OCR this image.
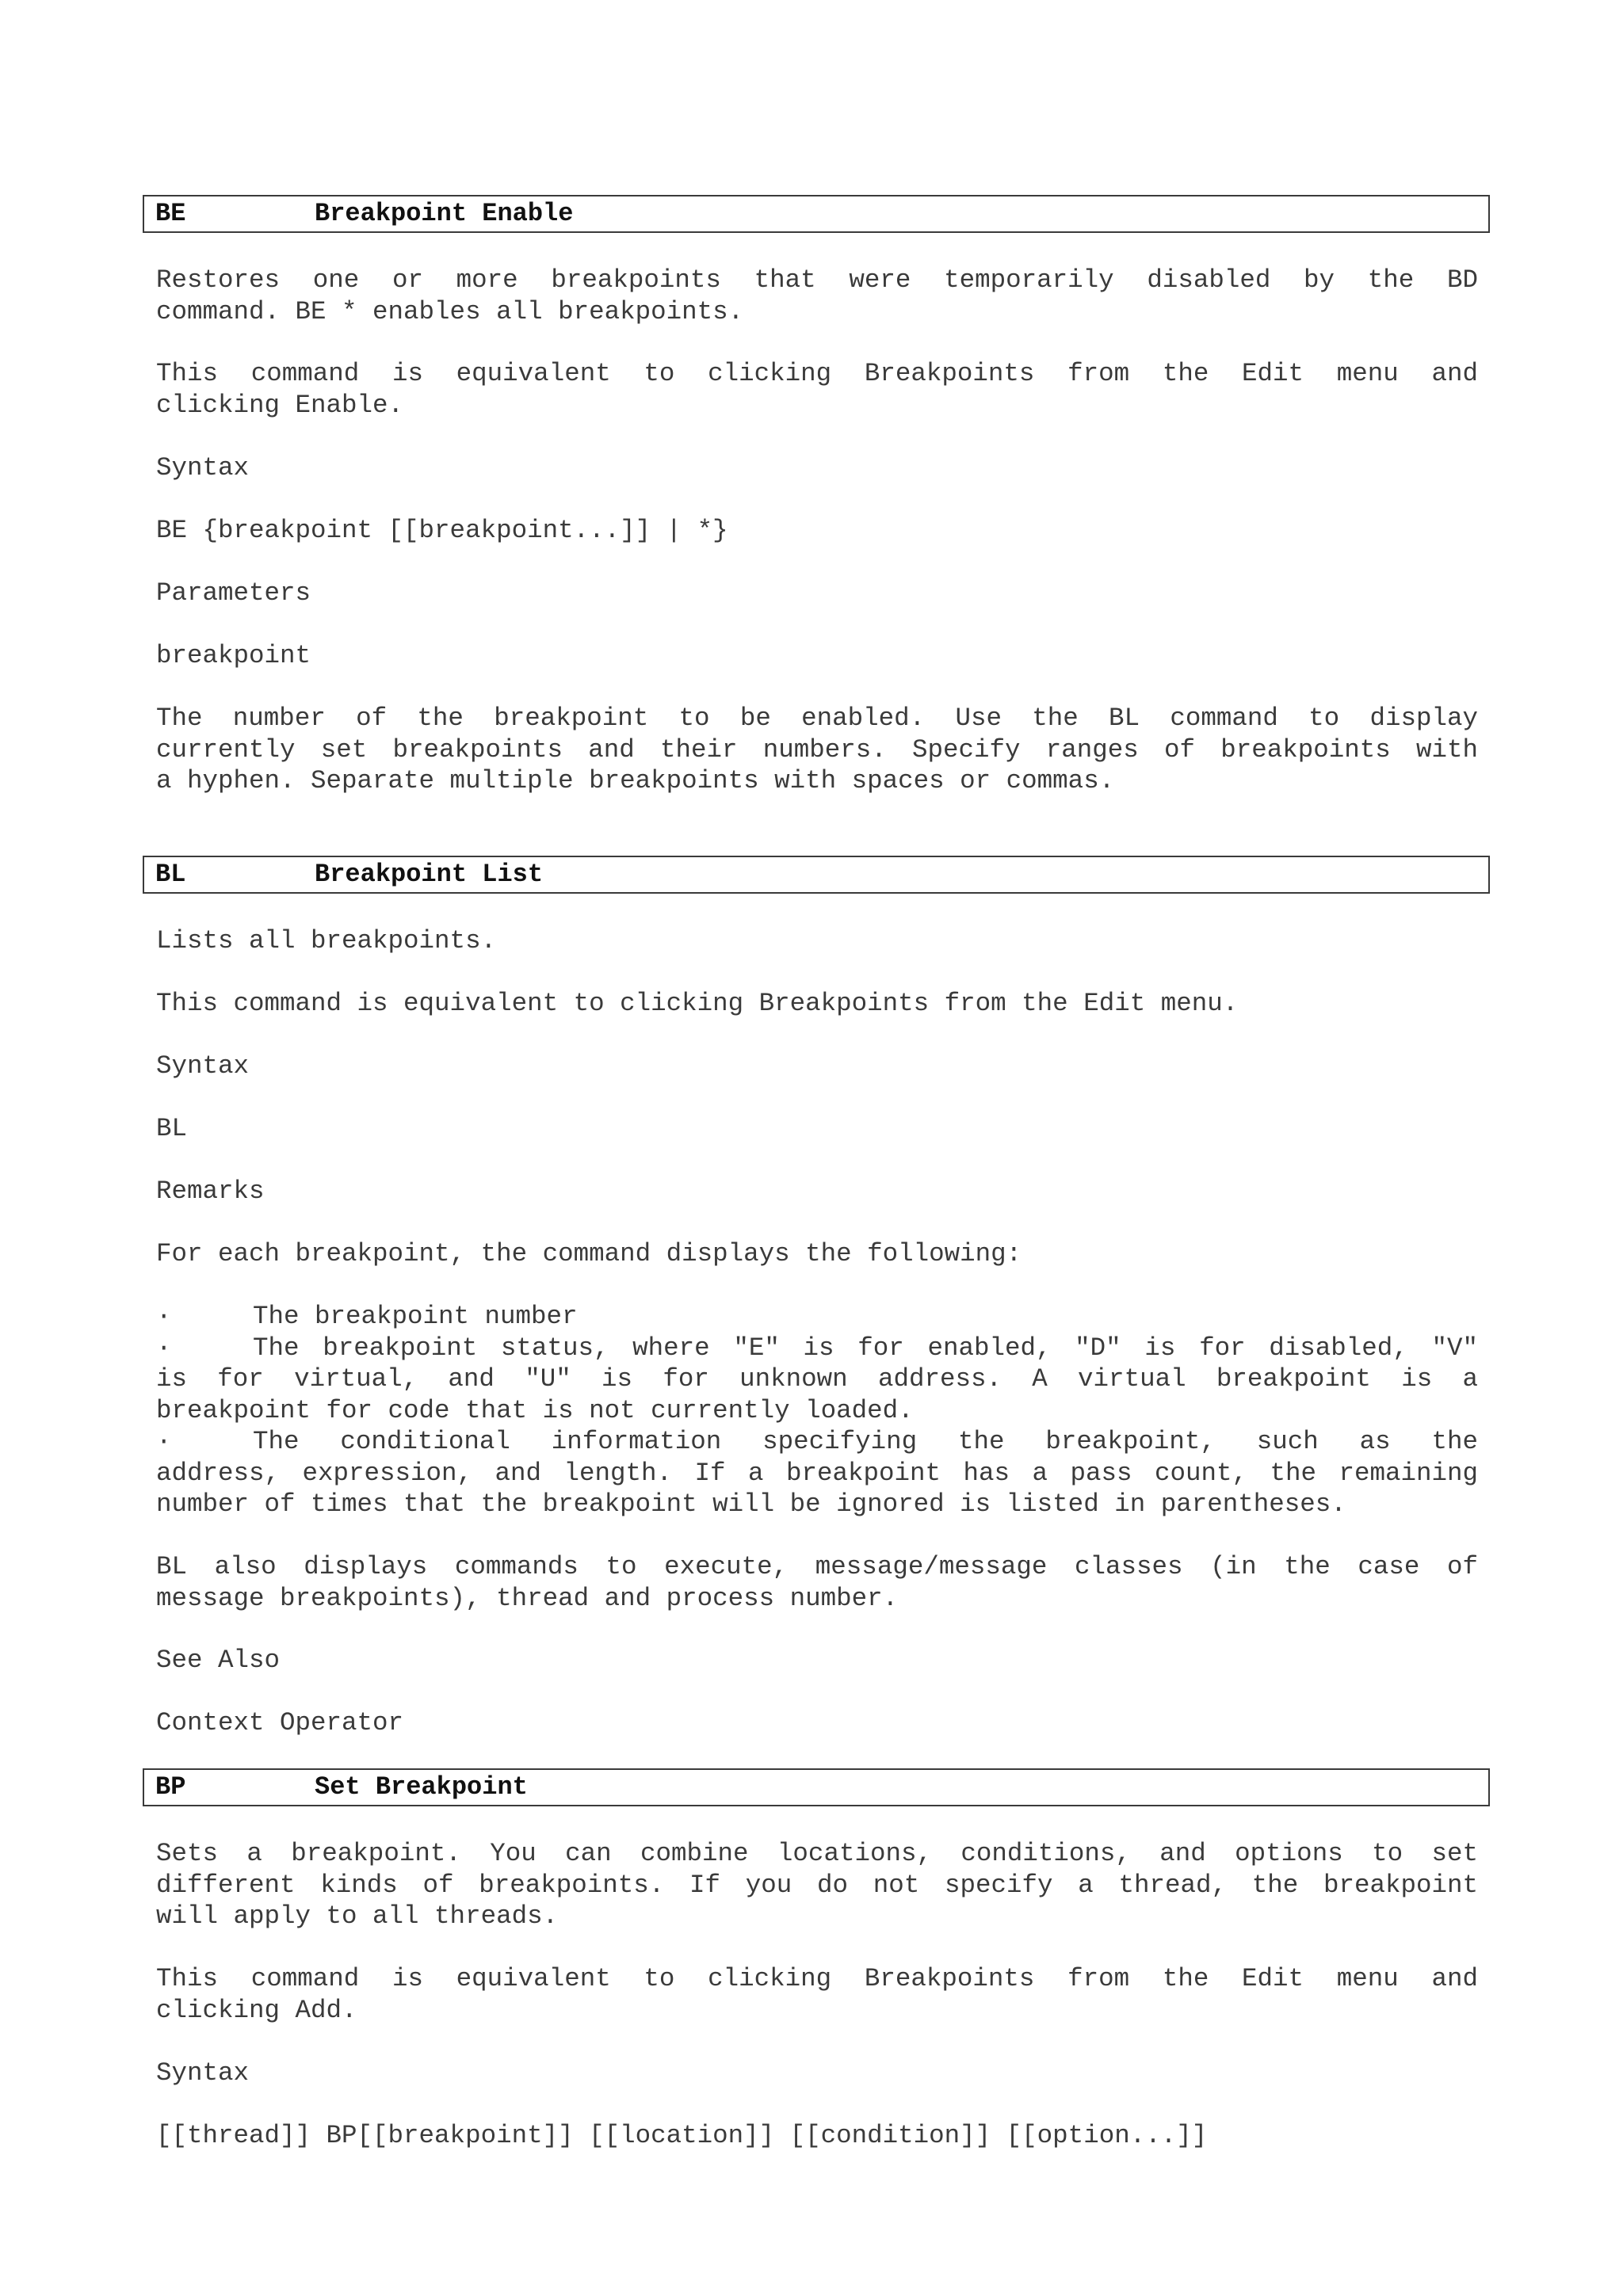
BE	Breakpoint Enable
Restores one or more breakpoints that were temporarily disabled by the BD
command. BE * enables all breakpoints.
This command is equivalent to clicking Breakpoints from the Edit menu and
clicking Enable.
Syntax
BE {breakpoint [[breakpoint...]] | *}
Parameters
breakpoint
The number of the breakpoint to be enabled. Use the BL command to display
currently set breakpoints and their numbers. Specify ranges of breakpoints with
a hyphen. Separate multiple breakpoints with spaces or commas.
BL	Breakpoint List
Lists all breakpoints.
This command is equivalent to clicking Breakpoints from the Edit menu.
Syntax
BL
Remarks
For each breakpoint, the command displays the following:
·	The breakpoint number
·	The breakpoint status, where "E" is for enabled, "D" is for disabled, "V"
is for virtual, and "U" is for unknown address. A virtual breakpoint is a
breakpoint for code that is not currently loaded.
·	The conditional information specifying the breakpoint, such as the
address, expression, and length. If a breakpoint has a pass count, the remaining
number of times that the breakpoint will be ignored is listed in parentheses.
BL also displays commands to execute, message/message classes (in the case of
message breakpoints), thread and process number.
See Also
Context Operator
BP	Set Breakpoint
Sets a breakpoint. You can combine locations, conditions, and options to set
different kinds of breakpoints. If you do not specify a thread, the breakpoint
will apply to all threads.
This command is equivalent to clicking Breakpoints from the Edit menu and
clicking Add.
Syntax
[[thread]] BP[[breakpoint]] [[location]] [[condition]] [[option...]]
